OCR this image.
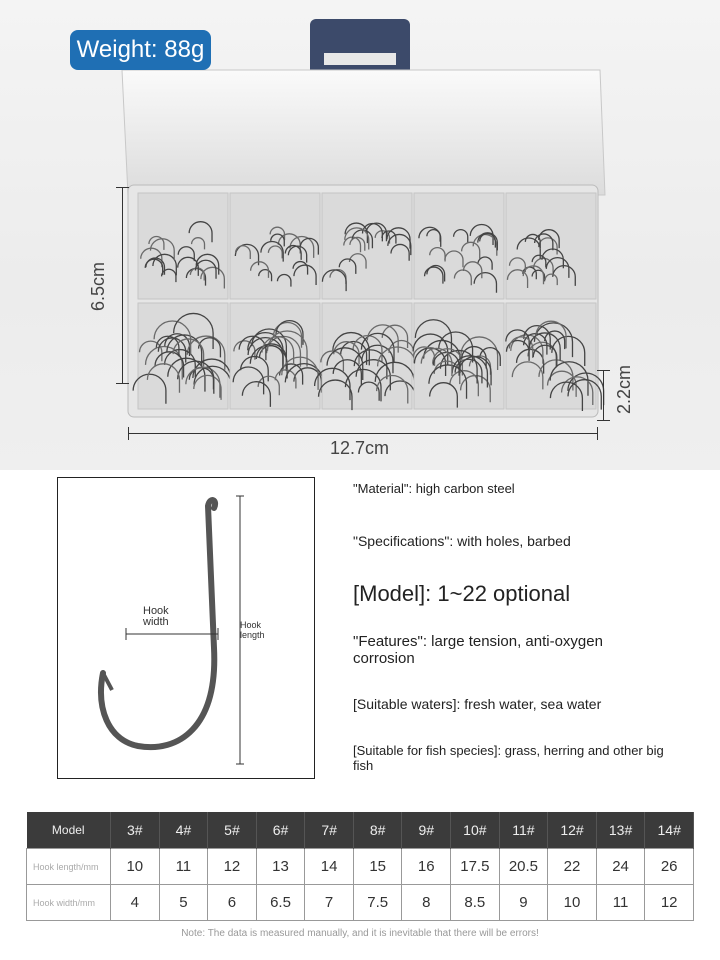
Weight: 88g
6.5cm
12.7cm
2.2cm
Hook
width	Hook
length
"Material": high carbon steel
"Specifications": with holes, barbed
[Model]: 1~22 optional
"Features": large tension, anti-oxygen corrosion
[Suitable waters]: fresh water, sea water
[Suitable for fish species]: grass, herring and other big fish
Model	3#	4#	5#	6#	7#	8#	9#	10#	11#	12#	13#	14#
Hook length/mm	10	11	12	13	14	15	16	17.5	20.5	22	24	26
Hook width/mm	4	5	6	6.5	7	7.5	8	8.5	9	10	11	12
Note: The data is measured manually, and it is inevitable that there will be errors!
